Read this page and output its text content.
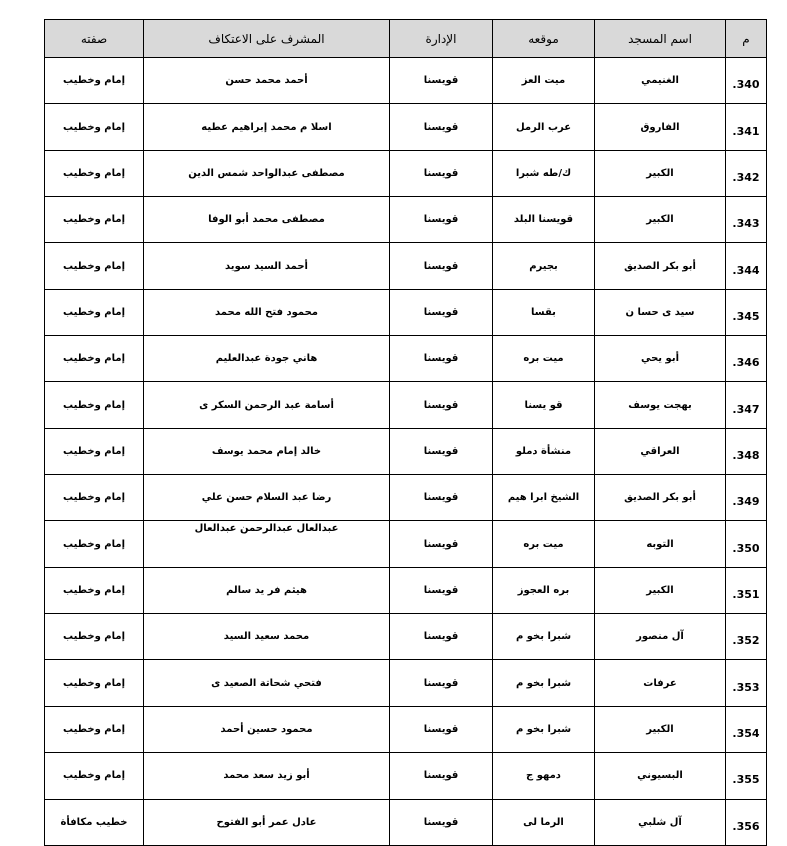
م	اسم المسجد	موقعه	الإدارة	المشرف على الاعتكاف	صفته
340.	الغنيمي	ميت العز	قويسنا	أحمد محمد حسن	إمام وخطيب
341.	الفاروق	عرب الرمل	قويسنا	اسلا م محمد إبراهيم عطيه	إمام وخطيب
342.	الكبير	ك/طه شبرا	قويسنا	مصطفى عبدالواحد شمس الدين	إمام وخطيب
343.	الكبير	قويسنا البلد	قويسنا	مصطفى محمد أبو الوفا	إمام وخطيب
344.	أبو بكر الصديق	بجيرم	قويسنا	أحمد السيد سويد	إمام وخطيب
345.	سيد ى حسا ن	بقسا	قويسنا	محمود فتح الله محمد	إمام وخطيب
346.	أبو يحي	ميت بره	قويسنا	هاني جودة عبدالعليم	إمام وخطيب
347.	بهجت يوسف	قو يسنا	قويسنا	أسامة عبد الرحمن السكر ى	إمام وخطيب
348.	العراقي	منشأة دملو	قويسنا	خالد إمام محمد يوسف	إمام وخطيب
349.	أبو بكر الصديق	الشيخ ابرا هيم	قويسنا	رضا عبد السلام حسن علي	إمام وخطيب
350.	التوبه	ميت بره	قويسنا	عبدالعال عبدالرحمن عبدالعال	إمام وخطيب
351.	الكبير	بره العجوز	قويسنا	هيثم فر يد سالم	إمام وخطيب
352.	آل منصور	شبرا بخو م	قويسنا	محمد سعيد السيد	إمام وخطيب
353.	عرفات	شبرا بخو م	قويسنا	فتحي شحاتة الصعيد ى	إمام وخطيب
354.	الكبير	شبرا بخو م	قويسنا	محمود حسين أحمد	إمام وخطيب
355.	البسيوني	دمهو ج	قويسنا	أبو زيد سعد محمد	إمام وخطيب
356.	آل شلبي	الرما لى	قويسنا	عادل عمر أبو الفتوح	خطيب مكافأة
